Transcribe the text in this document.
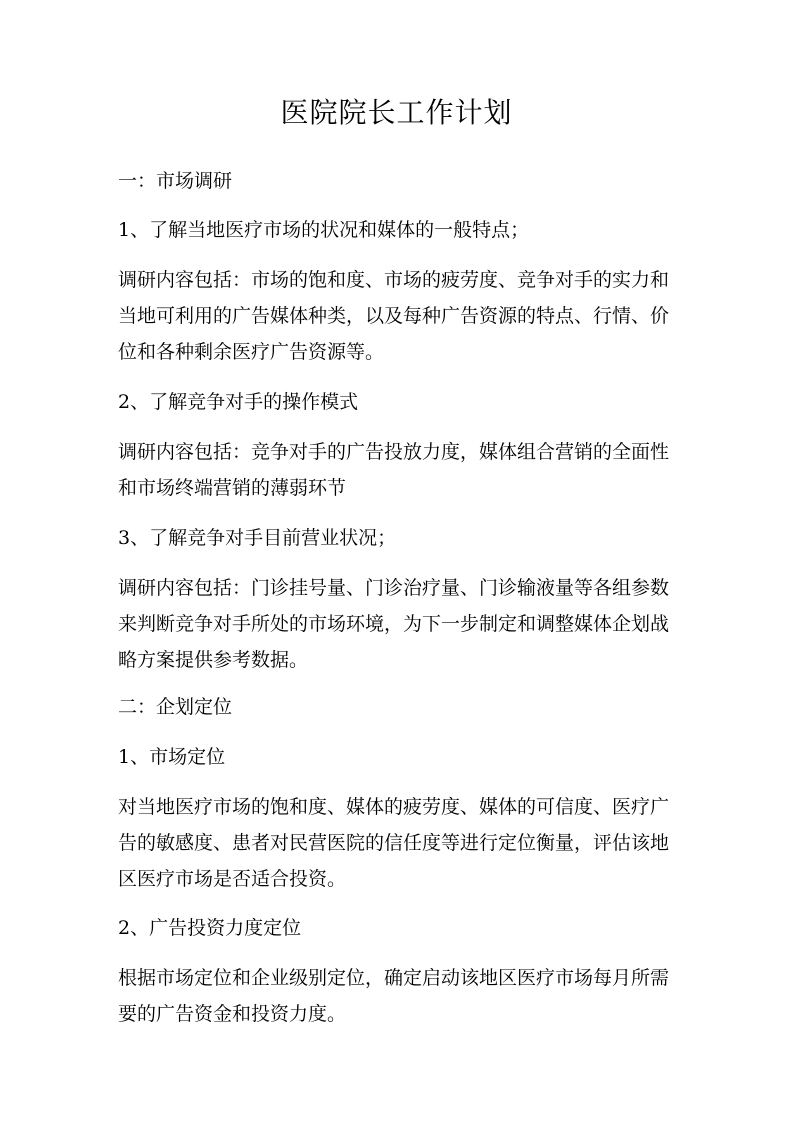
医院院长工作计划

一：市场调研

1、了解当地医疗市场的状况和媒体的一般特点；

调研内容包括：市场的饱和度、市场的疲劳度、竞争对手的实力和当地可利用的广告媒体种类，以及每种广告资源的特点、行情、价位和各种剩余医疗广告资源等。

2、了解竞争对手的操作模式

调研内容包括：竞争对手的广告投放力度，媒体组合营销的全面性和市场终端营销的薄弱环节

3、了解竞争对手目前营业状况；

调研内容包括：门诊挂号量、门诊治疗量、门诊输液量等各组参数来判断竞争对手所处的市场环境，为下一步制定和调整媒体企划战略方案提供参考数据。

二：企划定位

1、市场定位

对当地医疗市场的饱和度、媒体的疲劳度、媒体的可信度、医疗广告的敏感度、患者对民营医院的信任度等进行定位衡量，评估该地区医疗市场是否适合投资。

2、广告投资力度定位

根据市场定位和企业级别定位，确定启动该地区医疗市场每月所需要的广告资金和投资力度。
